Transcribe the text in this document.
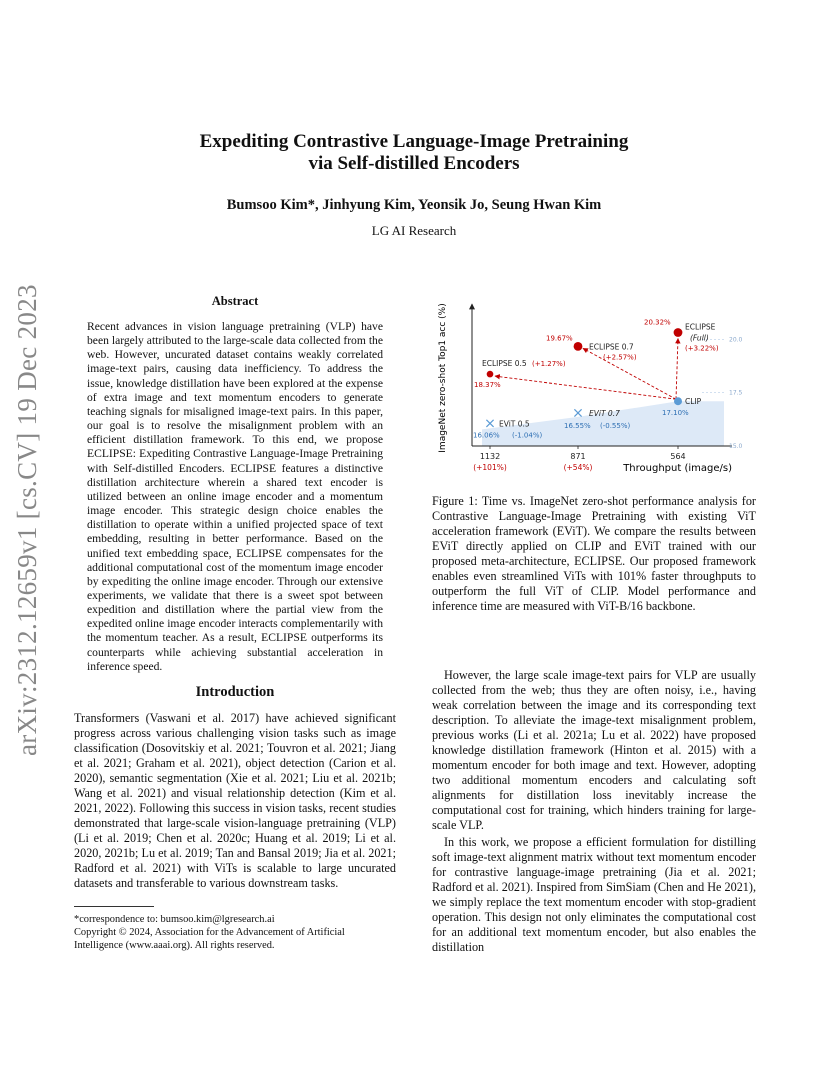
Expediting Contrastive Language-Image Pretraining
via Self-distilled Encoders
Bumsoo Kim*, Jinhyung Kim, Yeonsik Jo, Seung Hwan Kim
LG AI Research
arXiv:2312.12659v1 [cs.CV] 19 Dec 2023	Abstract
Recent advances in vision language pretraining (VLP) have been largely attributed to the large-scale data collected from the web. However, uncurated dataset contains weakly correlated image-text pairs, causing data inefficiency. To address the issue, knowledge distillation have been explored at the expense of extra image and text momentum encoders to generate teaching signals for misaligned image-text pairs. In this paper, our goal is to resolve the misalignment problem with an efficient distillation framework. To this end, we propose ECLIPSE: Expediting Contrastive Language-Image Pretraining with Self-distilled Encoders. ECLIPSE features a distinctive distillation architecture wherein a shared text encoder is utilized between an online image encoder and a momentum image encoder. This strategic design choice enables the distillation to operate within a unified projected space of text embedding, resulting in better performance. Based on the unified text embedding space, ECLIPSE compensates for the additional computational cost of the momentum image encoder by expediting the online image encoder. Through our extensive experiments, we validate that there is a sweet spot between expedition and distillation where the partial view from the expedited online image encoder interacts complementarily with the momentum teacher. As a result, ECLIPSE outperforms its counterparts while achieving substantial acceleration in inference speed.
Introduction
Transformers (Vaswani et al. 2017) have achieved significant progress across various challenging vision tasks such as image classification (Dosovitskiy et al. 2021; Touvron et al. 2021; Jiang et al. 2021; Graham et al. 2021), object detection (Carion et al. 2020), semantic segmentation (Xie et al. 2021; Liu et al. 2021b; Wang et al. 2021) and visual relationship detection (Kim et al. 2021, 2022). Following this success in vision tasks, recent studies demonstrated that large-scale vision-language pretraining (VLP) (Li et al. 2019; Chen et al. 2020c; Huang et al. 2019; Li et al. 2020, 2021b; Lu et al. 2019; Tan and Bansal 2019; Jia et al. 2021; Radford et al. 2021) with ViTs is scalable to large uncurated datasets and transferable to various downstream tasks.
*correspondence to: bumsoo.kim@lgresearch.ai
Copyright © 2024, Association for the Advancement of Artificial Intelligence (www.aaai.org). All rights reserved.
20.32% ECLIPSE
(Full)
(+3.22%)
19.67%
ECLIPSE 0.7
(+2.57%)
ECLIPSE 0.5 (+1.27%)
18.37%
CLIP
17.10%
EViT 0.7
16.55% (-0.55%)
EViT 0.5
16.06% (-1.04%)
20.0
17.5
15.0
1132
(+101%)
871
(+54%)
564
ImageNet zero-shot Top1 acc (%)
Throughput (image/s)
Figure 1: Time vs. ImageNet zero-shot performance analysis for Contrastive Language-Image Pretraining with existing ViT acceleration framework (EViT). We compare the results between EViT directly applied on CLIP and EViT trained with our proposed meta-architecture, ECLIPSE. Our proposed framework enables even streamlined ViTs with 101% faster throughputs to outperform the full ViT of CLIP. Model performance and inference time are measured with ViT-B/16 backbone.
However, the large scale image-text pairs for VLP are usually collected from the web; thus they are often noisy, i.e., having weak correlation between the image and its corresponding text description. To alleviate the image-text misalignment problem, previous works (Li et al. 2021a; Lu et al. 2022) have proposed knowledge distillation framework (Hinton et al. 2015) with a momentum encoder for both image and text. However, adopting two additional momentum encoders and calculating soft alignments for distillation loss inevitably increase the computational cost for training, which hinders training for large-scale VLP.
In this work, we propose a efficient formulation for distilling soft image-text alignment matrix without text momentum encoder for contrastive language-image pretraining (Jia et al. 2021; Radford et al. 2021). Inspired from SimSiam (Chen and He 2021), we simply replace the text momentum encoder with stop-gradient operation. This design not only eliminates the computational cost for an additional text momentum encoder, but also enables the distillation
